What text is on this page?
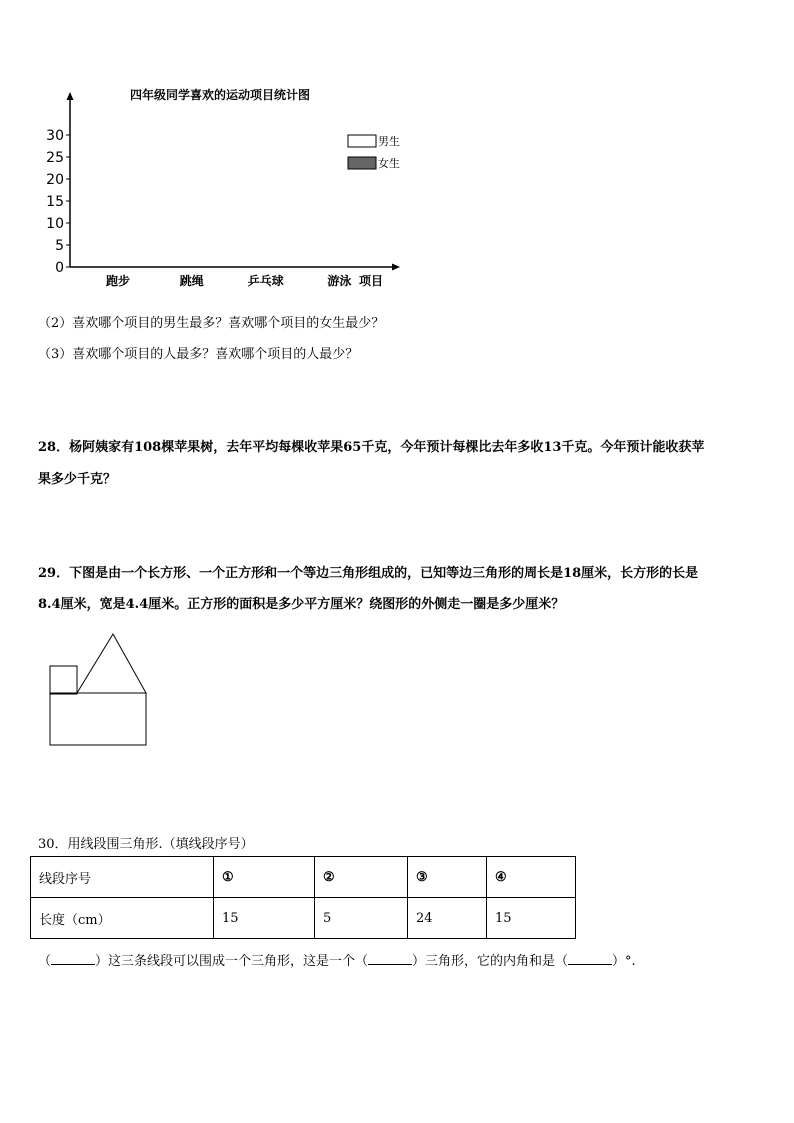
四年级同学喜欢的运动项目统计图
0
5
10
15
20
25
30
跑步	跳绳	乒乓球	游泳 项目
男生
女生
（2）喜欢哪个项目的男生最多？喜欢哪个项目的女生最少？
（3）喜欢哪个项目的人最多？喜欢哪个项目的人最少？
28．杨阿姨家有108棵苹果树，去年平均每棵收苹果65千克，今年预计每棵比去年多收13千克。今年预计能收获苹
果多少千克？
29．下图是由一个长方形、一个正方形和一个等边三角形组成的，已知等边三角形的周长是18厘米，长方形的长是
8.4厘米，宽是4.4厘米。正方形的面积是多少平方厘米？绕图形的外侧走一圈是多少厘米？
30．用线段围三角形.（填线段序号）
线段序号	①	②	③	④
长度（cm）	15	5	24	15
（	）这三条线段可以围成一个三角形，这是一个（	）三角形，它的内角和是（	）°.
